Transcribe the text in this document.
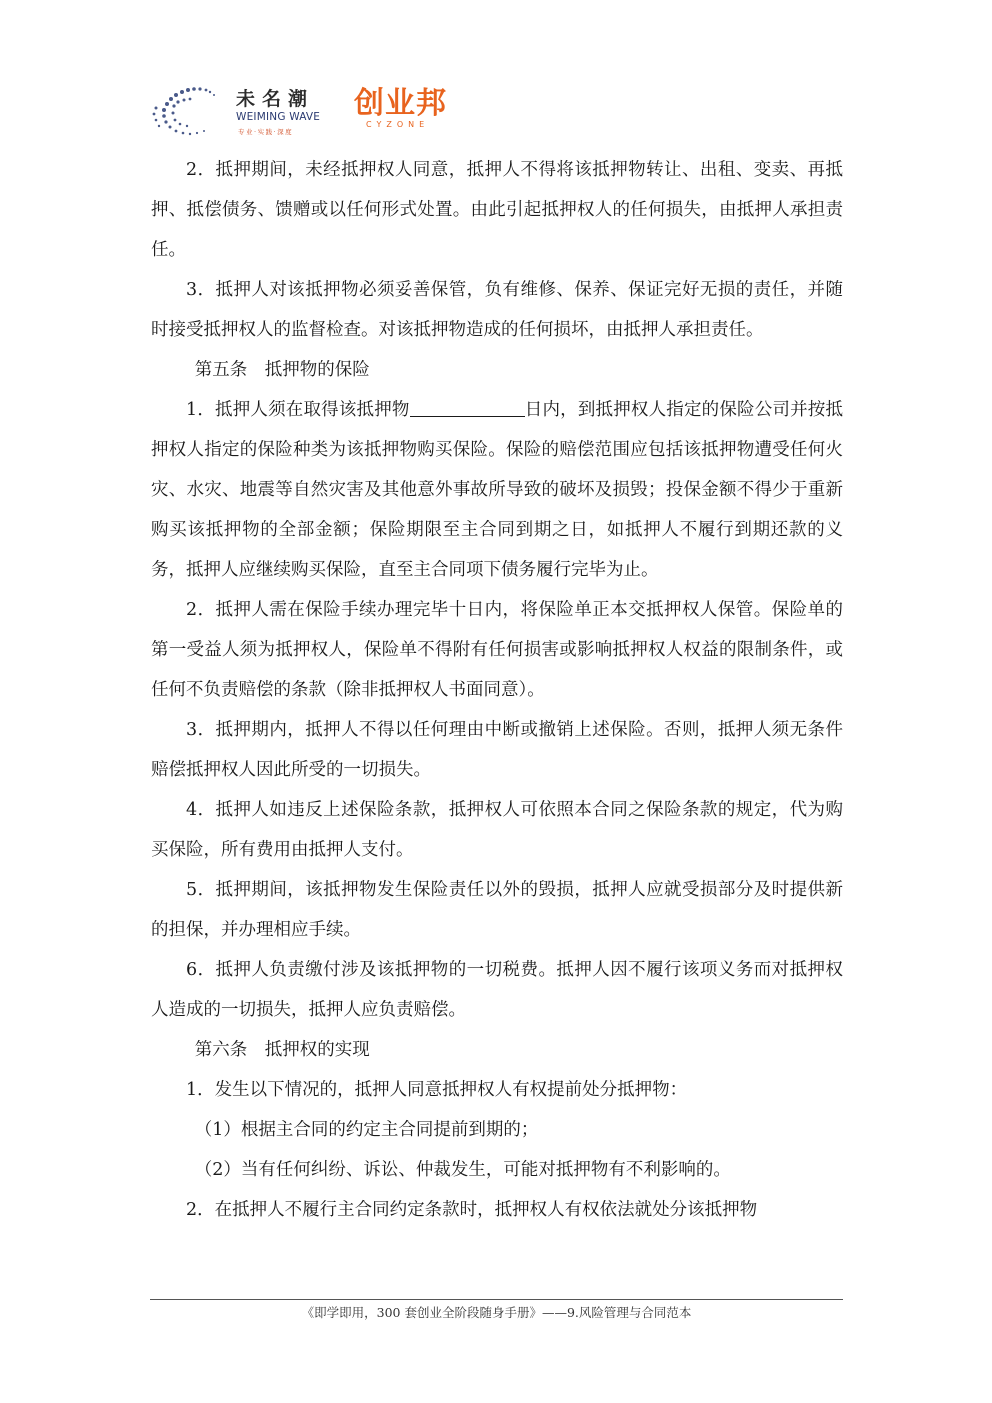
未名潮
WEIMING WAVE
专业·实践·深度
创业邦
CYZONE

2．抵押期间，未经抵押权人同意，抵押人不得将该抵押物转让、出租、变卖、再抵押、抵偿债务、馈赠或以任何形式处置。由此引起抵押权人的任何损失，由抵押人承担责任。

3．抵押人对该抵押物必须妥善保管，负有维修、保养、保证完好无损的责任，并随时接受抵押权人的监督检查。对该抵押物造成的任何损坏，由抵押人承担责任。

第五条　抵押物的保险

1．抵押人须在取得该抵押物	日内，到抵押权人指定的保险公司并按抵押权人指定的保险种类为该抵押物购买保险。保险的赔偿范围应包括该抵押物遭受任何火灾、水灾、地震等自然灾害及其他意外事故所导致的破坏及损毁；投保金额不得少于重新购买该抵押物的全部金额；保险期限至主合同到期之日，如抵押人不履行到期还款的义务，抵押人应继续购买保险，直至主合同项下债务履行完毕为止。

2．抵押人需在保险手续办理完毕十日内，将保险单正本交抵押权人保管。保险单的第一受益人须为抵押权人，保险单不得附有任何损害或影响抵押权人权益的限制条件，或任何不负责赔偿的条款（除非抵押权人书面同意）。

3．抵押期内，抵押人不得以任何理由中断或撤销上述保险。否则，抵押人须无条件赔偿抵押权人因此所受的一切损失。

4．抵押人如违反上述保险条款，抵押权人可依照本合同之保险条款的规定，代为购买保险，所有费用由抵押人支付。

5．抵押期间，该抵押物发生保险责任以外的毁损，抵押人应就受损部分及时提供新的担保，并办理相应手续。

6．抵押人负责缴付涉及该抵押物的一切税费。抵押人因不履行该项义务而对抵押权人造成的一切损失，抵押人应负责赔偿。

第六条　抵押权的实现

1．发生以下情况的，抵押人同意抵押权人有权提前处分抵押物：

（1）根据主合同的约定主合同提前到期的；

（2）当有任何纠纷、诉讼、仲裁发生，可能对抵押物有不利影响的。

2．在抵押人不履行主合同约定条款时，抵押权人有权依法就处分该抵押物

《即学即用，300 套创业全阶段随身手册》——9.风险管理与合同范本
